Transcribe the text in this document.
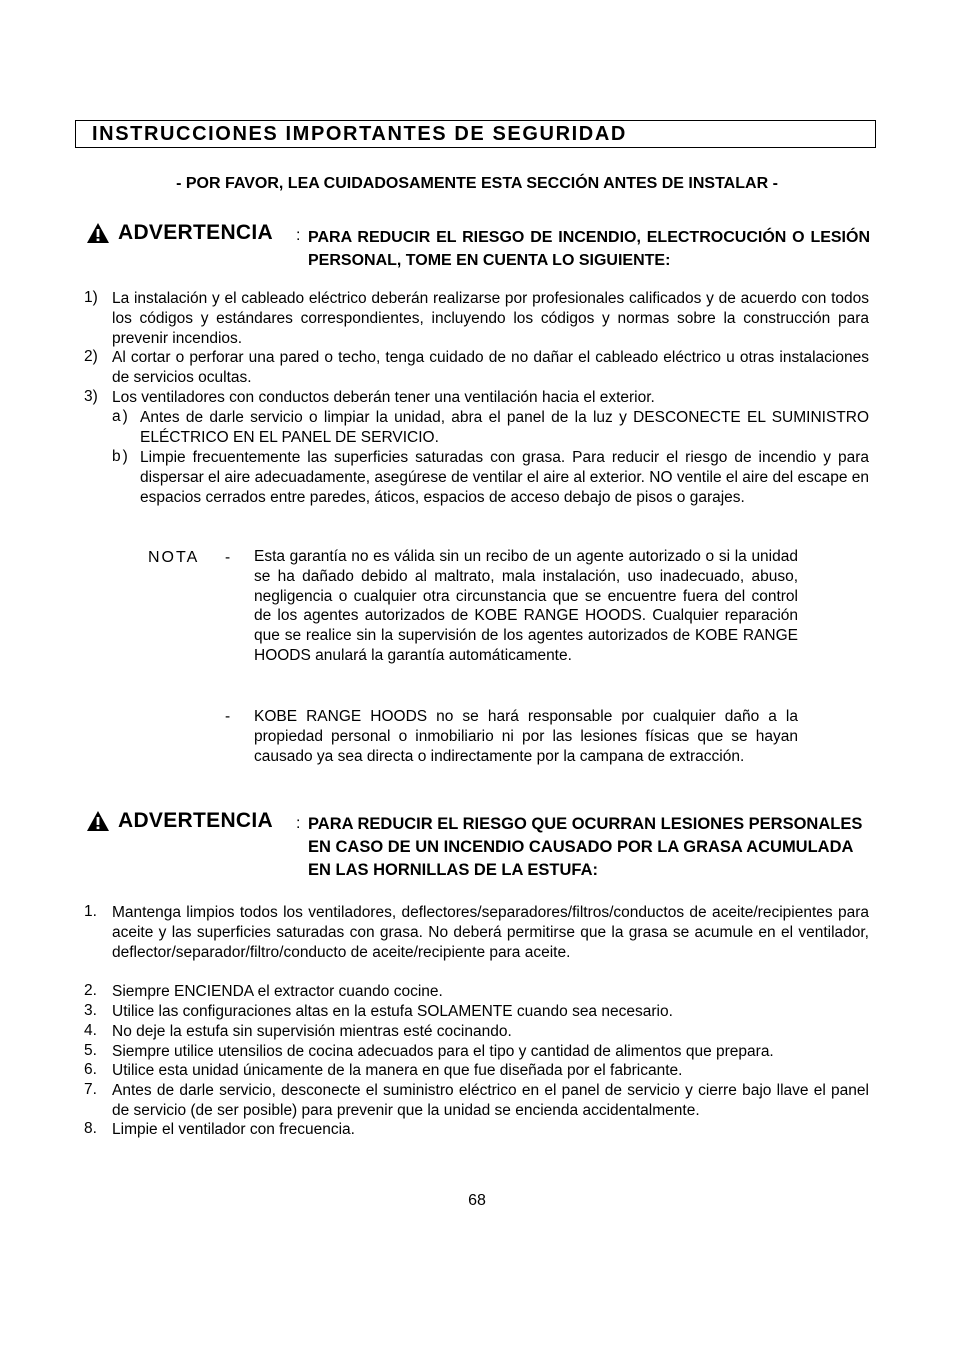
INSTRUCCIONES IMPORTANTES DE SEGURIDAD
- POR FAVOR, LEA CUIDADOSAMENTE ESTA SECCIÓN ANTES DE INSTALAR -
ADVERTENCIA : PARA REDUCIR EL RIESGO DE INCENDIO, ELECTROCUCIÓN O LESIÓN PERSONAL, TOME EN CUENTA LO SIGUIENTE:
1) La instalación y el cableado eléctrico deberán realizarse por profesionales calificados y de acuerdo con todos los códigos y estándares correspondientes, incluyendo los códigos y normas sobre la construcción para prevenir incendios.
2) Al cortar o perforar una pared o techo, tenga cuidado de no dañar el cableado eléctrico u otras instalaciones de servicios ocultas.
3) Los ventiladores con conductos deberán tener una ventilación hacia el exterior.
a) Antes de darle servicio o limpiar la unidad, abra el panel de la luz y DESCONECTE EL SUMINISTRO ELÉCTRICO EN EL PANEL DE SERVICIO.
b) Limpie frecuentemente las superficies saturadas con grasa. Para reducir el riesgo de incendio y para dispersar el aire adecuadamente, asegúrese de ventilar el aire al exterior. NO ventile el aire del escape en espacios cerrados entre paredes, áticos, espacios de acceso debajo de pisos o garajes.
NOTA - Esta garantía no es válida sin un recibo de un agente autorizado o si la unidad se ha dañado debido al maltrato, mala instalación, uso inadecuado, abuso, negligencia o cualquier otra circunstancia que se encuentre fuera del control de los agentes autorizados de KOBE RANGE HOODS. Cualquier reparación que se realice sin la supervisión de los agentes autorizados de KOBE RANGE HOODS anulará la garantía automáticamente.
- KOBE RANGE HOODS no se hará responsable por cualquier daño a la propiedad personal o inmobiliario ni por las lesiones físicas que se hayan causado ya sea directa o indirectamente por la campana de extracción.
ADVERTENCIA : PARA REDUCIR EL RIESGO QUE OCURRAN LESIONES PERSONALES EN CASO DE UN INCENDIO CAUSADO POR LA GRASA ACUMULADA EN LAS HORNILLAS DE LA ESTUFA:
1. Mantenga limpios todos los ventiladores, deflectores/separadores/filtros/conductos de aceite/recipientes para aceite y las superficies saturadas con grasa. No deberá permitirse que la grasa se acumule en el ventilador, deflector/separador/filtro/conducto de aceite/recipiente para aceite.
2. Siempre ENCIENDA el extractor cuando cocine.
3. Utilice las configuraciones altas en la estufa SOLAMENTE cuando sea necesario.
4. No deje la estufa sin supervisión mientras esté cocinando.
5. Siempre utilice utensilios de cocina adecuados para el tipo y cantidad de alimentos que prepara.
6. Utilice esta unidad únicamente de la manera en que fue diseñada por el fabricante.
7. Antes de darle servicio, desconecte el suministro eléctrico en el panel de servicio y cierre bajo llave el panel de servicio (de ser posible) para prevenir que la unidad se encienda accidentalmente.
8. Limpie el ventilador con frecuencia.
68
